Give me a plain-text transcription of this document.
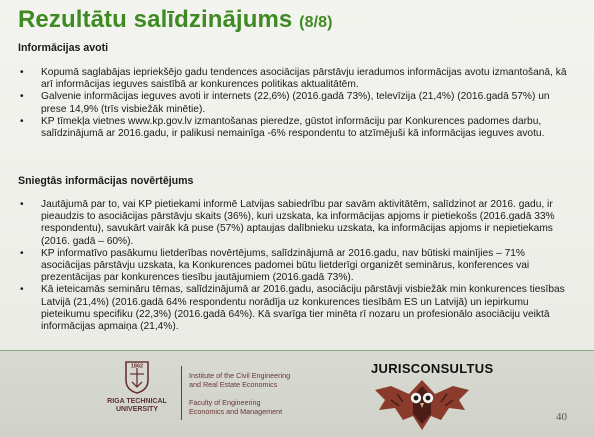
Rezultātu salīdzinājums (8/8)
Informācijas avoti
• Kopumā saglabājas iepriekšējo gadu tendences asociācijas pārstāvju ieradumos informācijas avotu izmantošanā, kā arī informācijas ieguves saistībā ar konkurences politikas aktualitātēm.
• Galvenie informācijas ieguves avoti ir internets (22,6%) (2016.gadā 73%), televīzija (21,4%) (2016.gadā 57%) un prese 14,9% (trīs visbiežāk minētie).
• KP tīmekļa vietnes www.kp.gov.lv izmantošanas pieredze, gūstot informāciju par Konkurences padomes darbu, salīdzinājumā ar 2016.gadu, ir palikusi nemainīga -6% respondentu to atzīmējuši kā informācijas ieguves avotu.
Sniegtās informācijas novērtējums
• Jautājumā par to, vai KP pietiekami informē Latvijas sabiedrību par savām aktivitātēm, salīdzinot ar 2016. gadu, ir pieaudzis to asociācijas pārstāvju skaits (36%), kuri uzskata, ka informācijas apjoms ir pietiekošs (2016.gadā 33% respondentu), savukārt vairāk kā puse (57%) aptaujas dalībnieku uzskata, ka informācijas apjoms ir nepietiekams (2016. gadā – 60%).
• KP informatīvo pasākumu lietderības novērtējums, salīdzinājumā ar 2016.gadu, nav būtiski mainījies – 71% asociācijas pārstāvju uzskata, ka Konkurences padomei būtu lietderīgi organizēt seminārus, konferences vai prezentācijas par konkurences tiesību jautājumiem (2016.gadā 73%).
• Kā ieteicamās semināru tēmas, salīdzinājumā ar 2016.gadu, asociāciju pārstāvji visbiežāk min konkurences tiesības Latvijā (21,4%) (2016.gadā 64% respondentu norādīja uz konkurences tiesībām ES un Latvijā) un iepirkumu pieteikumu specifiku (22,3%) (2016.gadā 64%). Kā svarīga tier minēta rī nozaru un profesionālo asociāciju veiktā informācijas apmaiņa (21,4%).
1862
RIGA TECHNICAL
UNIVERSITY
Institute of the Civil Engineering
and Real Estate Economics
Faculty of Engineering
Economics and Management
JURISCONSULTUS
40
